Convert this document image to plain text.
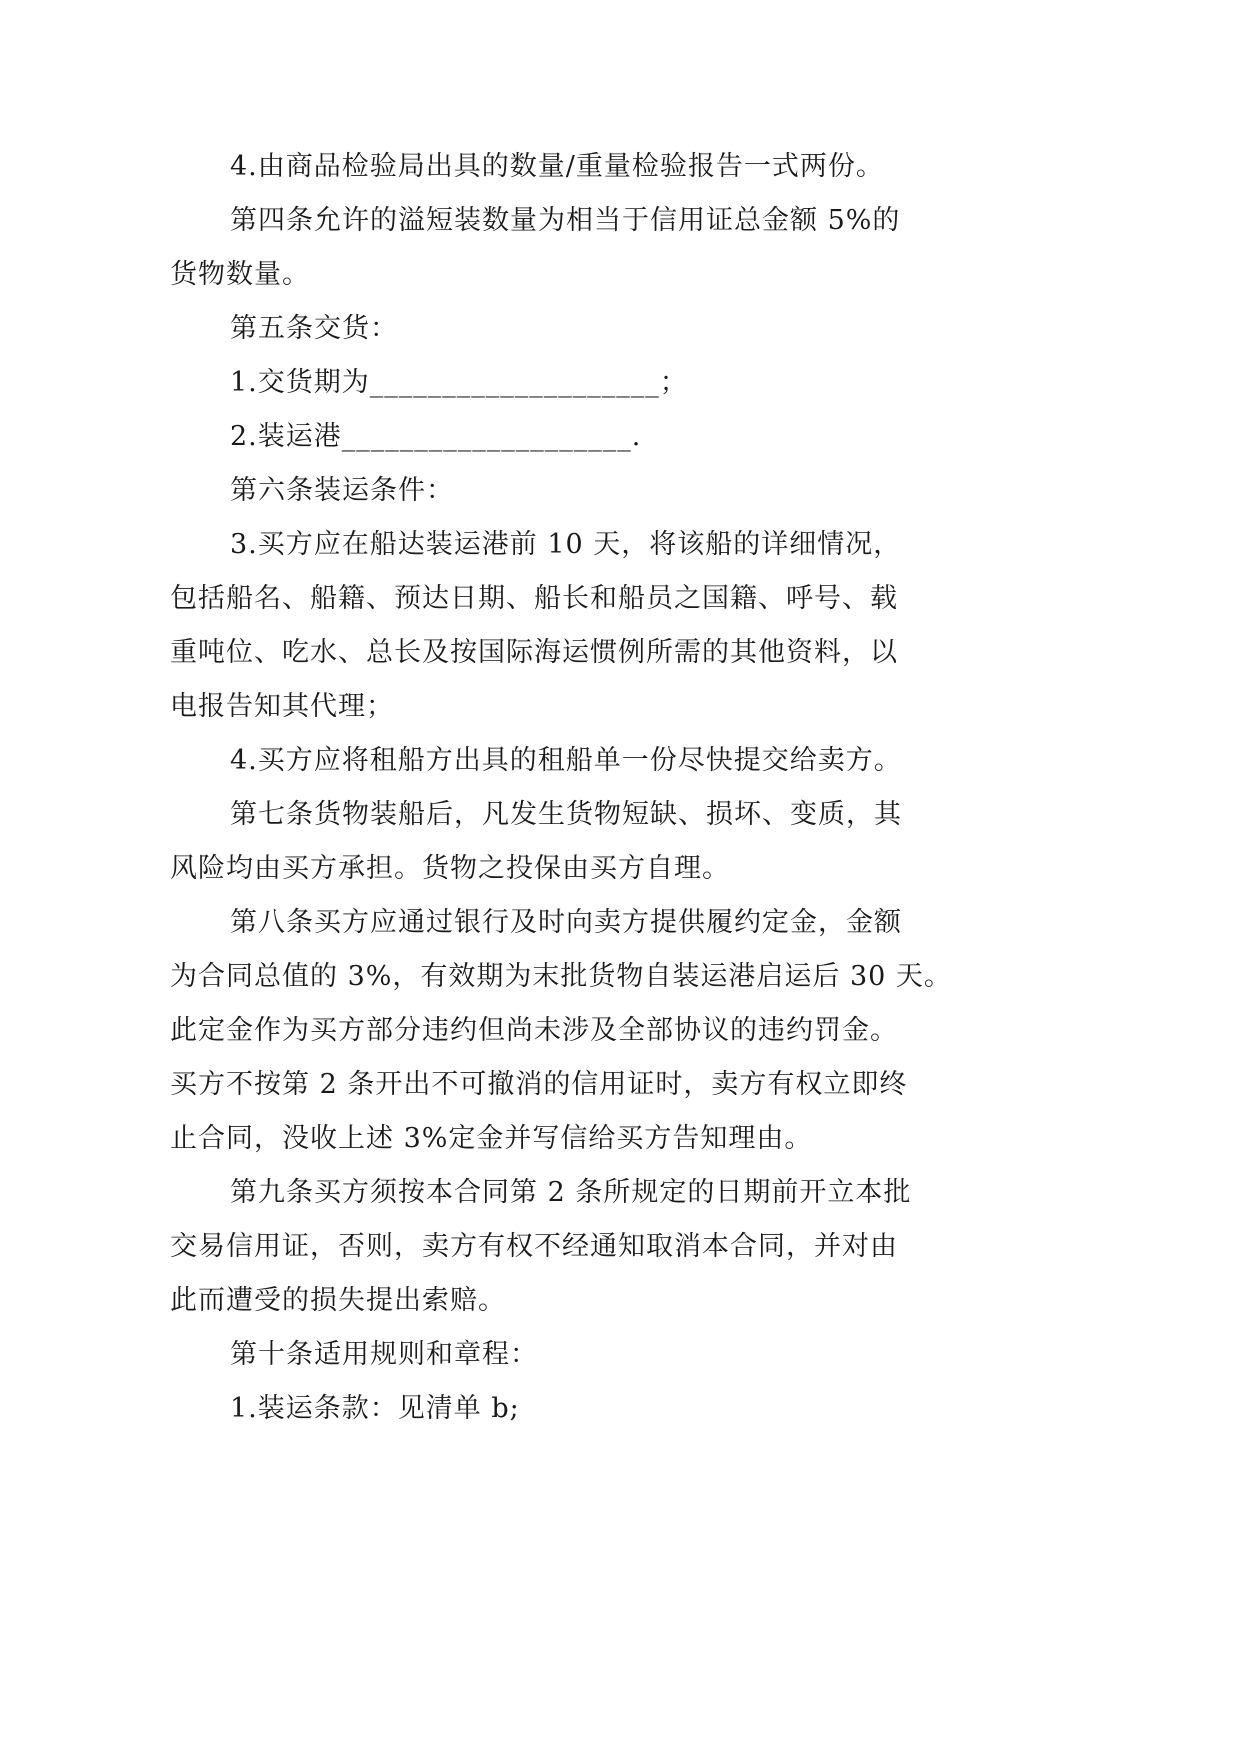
4.由商品检验局出具的数量/重量检验报告一式两份。

第四条允许的溢短装数量为相当于信用证总金额 5%的
货物数量。

第五条交货：

1.交货期为____________________；

2.装运港____________________.

第六条装运条件：

3.买方应在船达装运港前 10 天，将该船的详细情况，
包括船名、船籍、预达日期、船长和船员之国籍、呼号、载
重吨位、吃水、总长及按国际海运惯例所需的其他资料，以
电报告知其代理；

4.买方应将租船方出具的租船单一份尽快提交给卖方。

第七条货物装船后，凡发生货物短缺、损坏、变质，其
风险均由买方承担。货物之投保由买方自理。

第八条买方应通过银行及时向卖方提供履约定金，金额
为合同总值的 3%，有效期为末批货物自装运港启运后 30 天。
此定金作为买方部分违约但尚未涉及全部协议的违约罚金。
买方不按第 2 条开出不可撤消的信用证时，卖方有权立即终
止合同，没收上述 3%定金并写信给买方告知理由。

第九条买方须按本合同第 2 条所规定的日期前开立本批
交易信用证，否则，卖方有权不经通知取消本合同，并对由
此而遭受的损失提出索赔。

第十条适用规则和章程：

1.装运条款：见清单 b;
